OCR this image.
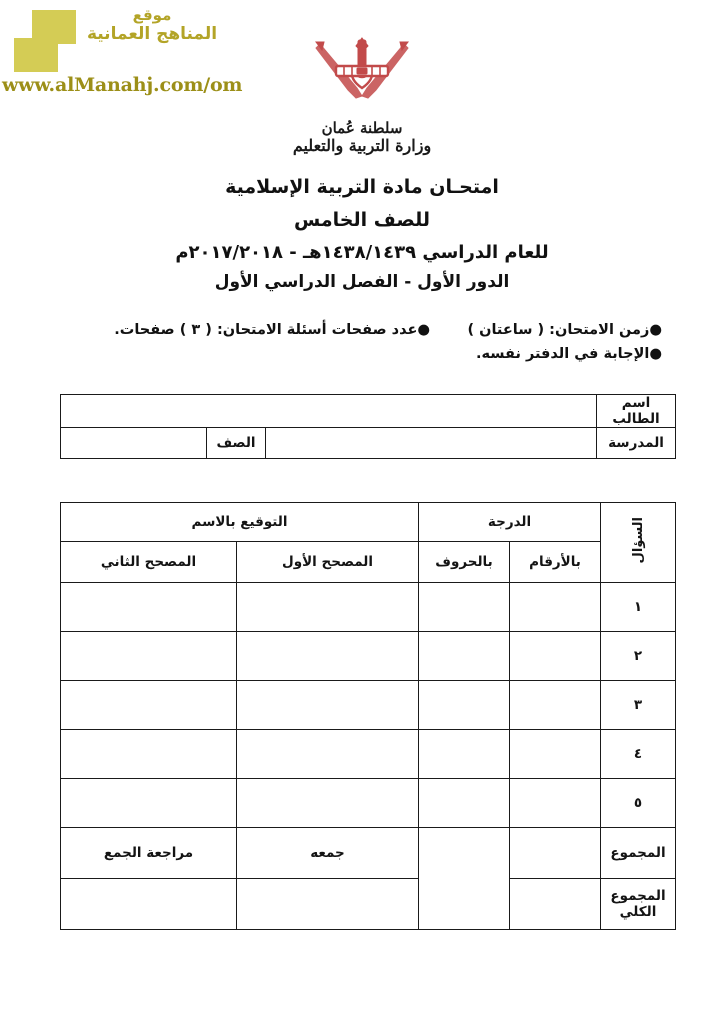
موقع
المناهج العمانية
www.alManahj.com/om
سلطنة عُمان
وزارة التربية والتعليم
امتحـان مادة التربية الإسلامية
للصف الخامس
للعام الدراسي ١٤٣٨/١٤٣٩هـ - ٢٠١٧/٢٠١٨م
الدور الأول - الفصل الدراسي الأول
●زمن الامتحان: ( ساعتان )
●عدد صفحات أسئلة الامتحان: ( ٣ ) صفحات.
●الإجابة في الدفتر نفسه.
اسم الطالب			
المدرسة		الصف	
السؤال	الدرجة		التوقيع بالاسم	
	بالأرقام	بالحروف	المصحح الأول	المصحح الثاني
١				
٢				
٣				
٤				
٥				
المجموع			جمعه	مراجعة الجمع
المجموع الكلي				
